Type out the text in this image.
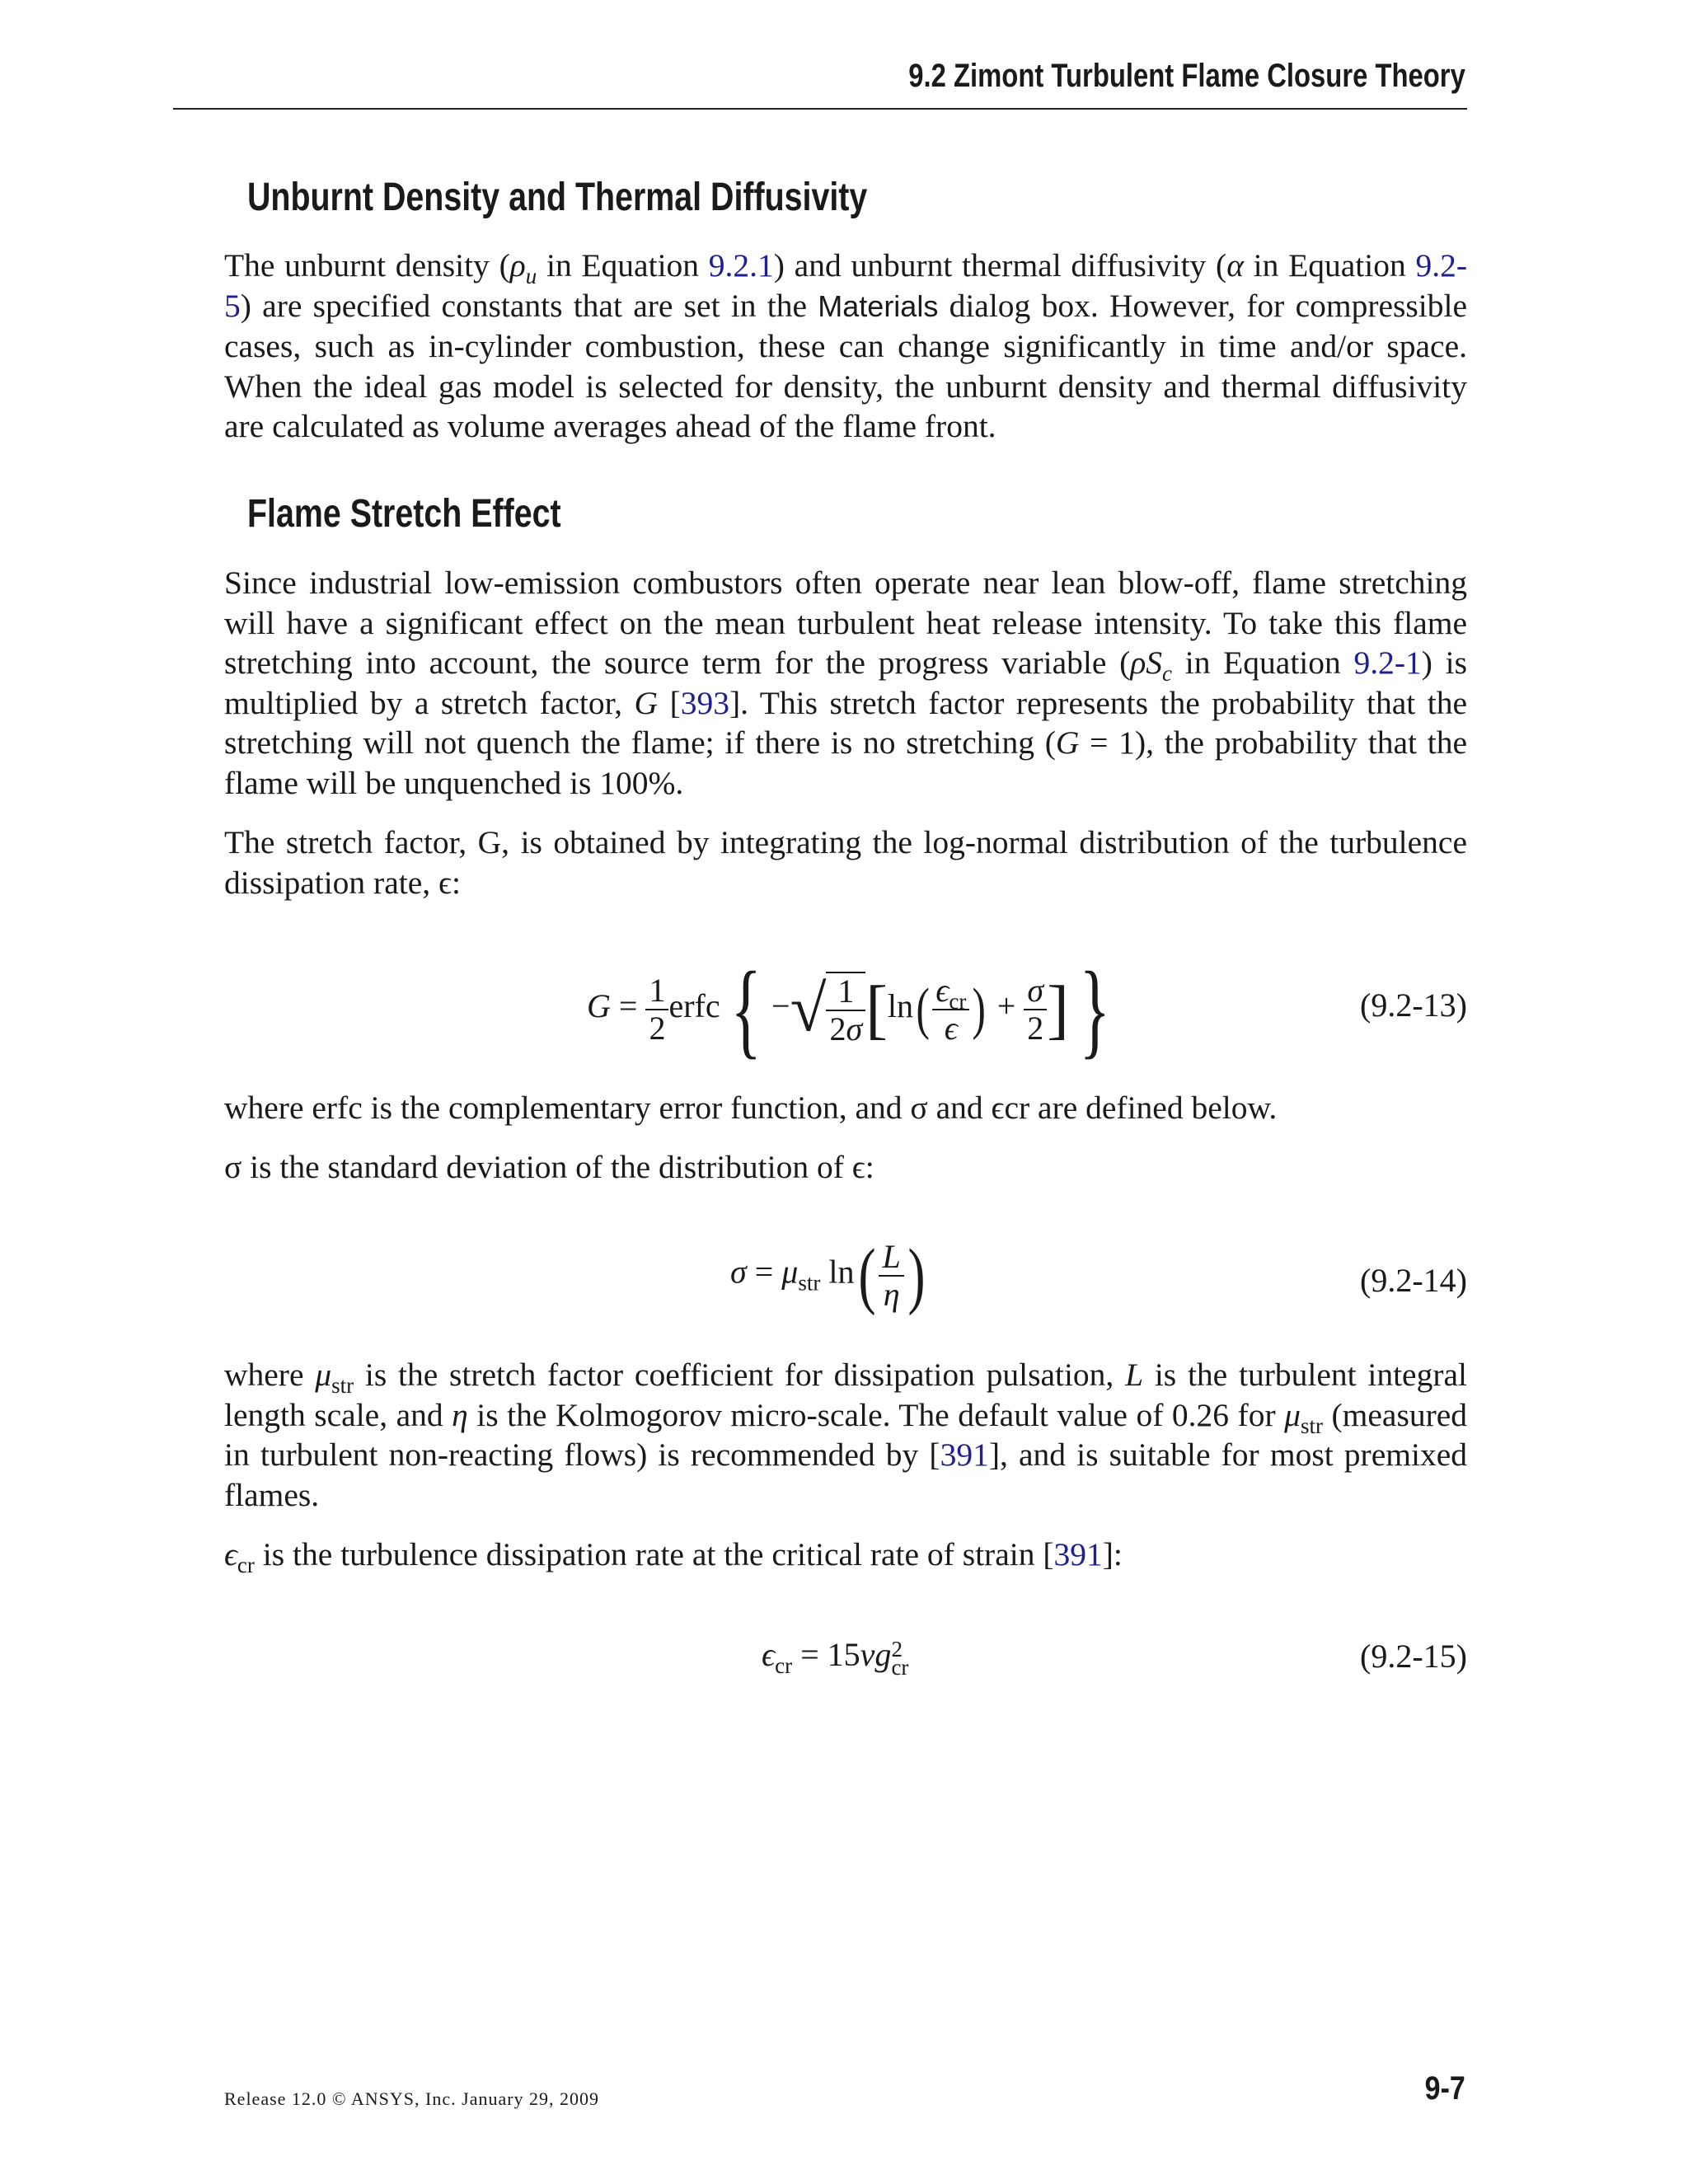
9.2 Zimont Turbulent Flame Closure Theory
Unburnt Density and Thermal Diffusivity
The unburnt density ($\rho_u$ in Equation 9.2.1) and unburnt thermal diffusivity (α in Equation 9.2-5) are specified constants that are set in the Materials dialog box. However, for compressible cases, such as in-cylinder combustion, these can change significantly in time and/or space. When the ideal gas model is selected for density, the unburnt density and thermal diffusivity are calculated as volume averages ahead of the flame front.
Flame Stretch Effect
Since industrial low-emission combustors often operate near lean blow-off, flame stretching will have a significant effect on the mean turbulent heat release intensity. To take this flame stretching into account, the source term for the progress variable ($\rho S_c$ in Equation 9.2-1) is multiplied by a stretch factor, G [393]. This stretch factor represents the probability that the stretching will not quench the flame; if there is no stretching (G = 1), the probability that the flame will be unquenched is 100%.
The stretch factor, G, is obtained by integrating the log-normal distribution of the turbulence dissipation rate, ϵ:
$G = \frac{1}{2}$ erfc{ −√ $\frac{1}{2\sigma} [\ln( \frac{\epsilon_{cr}}{\epsilon}$ ) + $\frac{\sigma}{2}$ ]}	(9.2-13)
where erfc is the complementary error function, and σ and ϵcr are defined below.
σ is the standard deviation of the distribution of ϵ:
$\sigma = \mu_{str}$ $\ln( \frac{L}{\eta}$ )	(9.2-14)
where $\mu_{str}$ is the stretch factor coefficient for dissipation pulsation, L is the turbulent integral length scale, and η is the Kolmogorov micro-scale. The default value of 0.26 for $\mu_{str}$ (measured in turbulent non-reacting flows) is recommended by [391], and is suitable for most premixed flames.
$\epsilon_{cr}$ is the turbulence dissipation rate at the critical rate of strain [391]:
$\epsilon_{cr} = 15\nu g$ 2
cr	(9.2-15)
Release 12.0 © ANSYS, Inc. January 29, 2009	9-7
